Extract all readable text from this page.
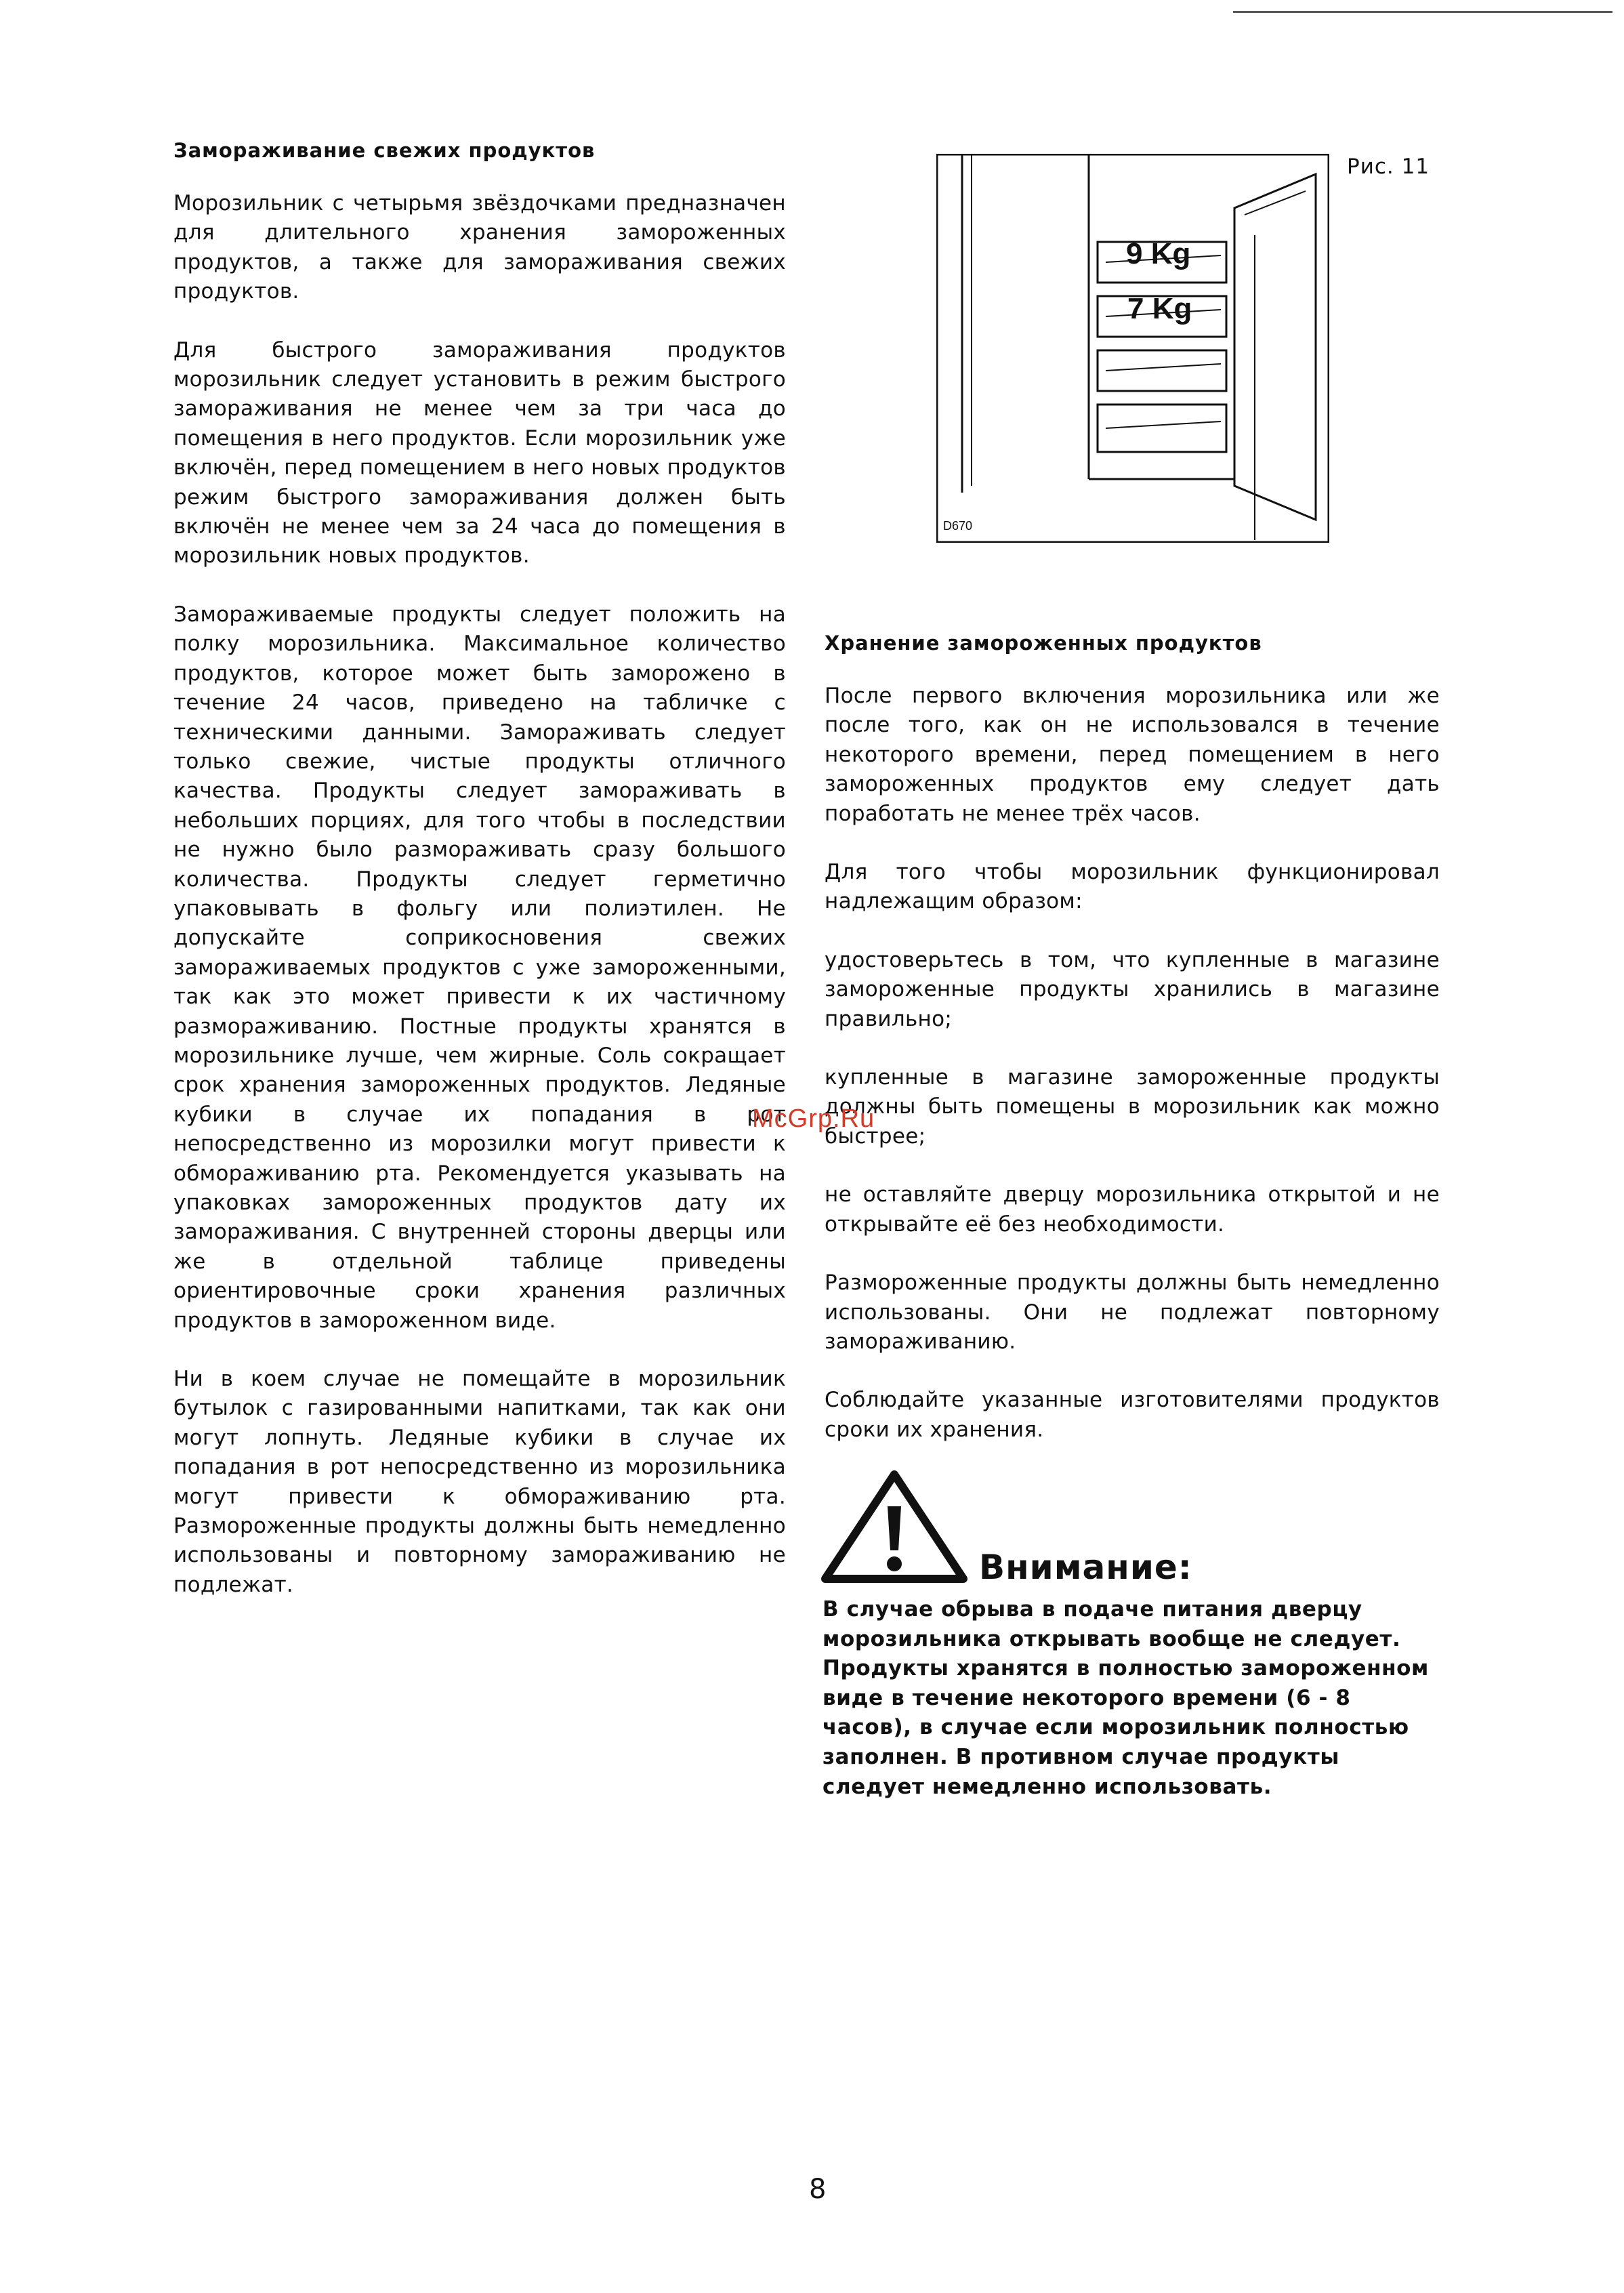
Замораживание свежих продуктов

Морозильник с четырьмя звёздочками предназначен для длительного хранения замороженных продуктов, а также для замораживания свежих продуктов.

Для быстрого замораживания продуктов морозильник следует установить в режим быстрого замораживания не менее чем за три часа до помещения в него продуктов. Если морозильник уже включён, перед помещением в него новых продуктов режим быстрого замораживания должен быть включён не менее чем за 24 часа до помещения в морозильник новых продуктов.

Замораживаемые продукты следует положить на полку морозильника. Максимальное количество продуктов, которое может быть заморожено в течение 24 часов, приведено на табличке с техническими данными. Замораживать следует только свежие, чистые продукты отличного качества. Продукты следует замораживать в небольших порциях, для того чтобы в последствии не нужно было размораживать сразу большого количества. Продукты следует герметично упаковывать в фольгу или полиэтилен. Не допускайте соприкосновения свежих замораживаемых продуктов с уже замороженными, так как это может привести к их частичному размораживанию. Постные продукты хранятся в морозильнике лучше, чем жирные. Соль сокращает срок хранения замороженных продуктов. Ледяные кубики в случае их попадания в рот непосредственно из морозилки могут привести к обмораживанию рта. Рекомендуется указывать на упаковках замороженных продуктов дату их замораживания. С внутренней стороны дверцы или же в отдельной таблице приведены ориентировочные сроки хранения различных продуктов в замороженном виде.

Ни в коем случае не помещайте в морозильник бутылок с газированными напитками, так как они могут лопнуть. Ледяные кубики в случае их попадания в рот непосредственно из морозильника могут привести к обмораживанию рта. Размороженные продукты должны быть немедленно использованы и повторному замораживанию не подлежат.

9 Kg
7 Kg
D670
Рис. 11
Хранение замороженных продуктов

После первого включения морозильника или же после того, как он не использовался в течение некоторого времени, перед помещением в него замороженных продуктов ему следует дать поработать не менее трёх часов.

Для того чтобы морозильник функционировал надлежащим образом:

удостоверьтесь в том, что купленные в магазине замороженные продукты хранились в магазине правильно;

купленные в магазине замороженные продукты должны быть помещены в морозильник как можно быстрее;

не оставляйте дверцу морозильника открытой и не открывайте её без необходимости.

Размороженные продукты должны быть немедленно использованы. Они не подлежат повторному замораживанию.

Соблюдайте указанные изготовителями продуктов сроки их хранения.

Внимание:
В случае обрыва в подаче питания дверцу морозильника открывать вообще не следует. Продукты хранятся в полностью замороженном виде в течение некоторого времени (6 - 8 часов), в случае если морозильник полностью заполнен. В противном случае продукты следует немедленно использовать.
McGrp.Ru
8
